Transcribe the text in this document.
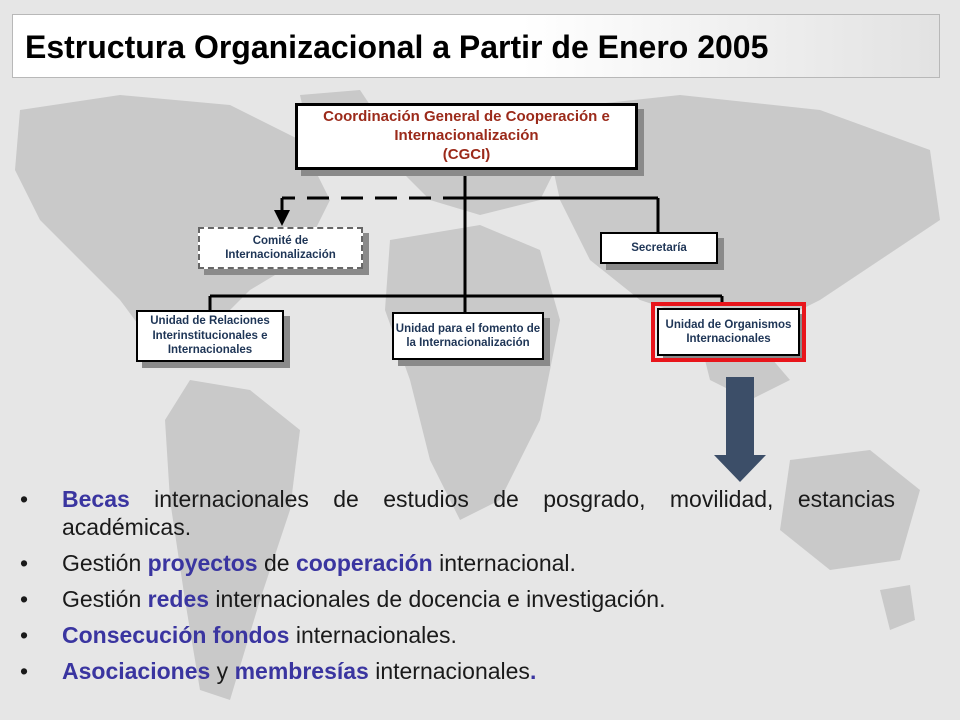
Estructura Organizacional a Partir de Enero 2005
Coordinación General de Cooperación e
Internacionalización
(CGCI)
Comité de
Internacionalización
Secretaría
Unidad de Relaciones
Interinstitucionales e
Internacionales
Unidad para el fomento de
la Internacionalización
Unidad de Organismos
Internacionales
• Becas internacionales de estudios de posgrado, movilidad, estancias académicas.
• Gestión proyectos de cooperación internacional.
• Gestión redes internacionales de docencia e investigación.
• Consecución fondos internacionales.
• Asociaciones y membresías internacionales.
